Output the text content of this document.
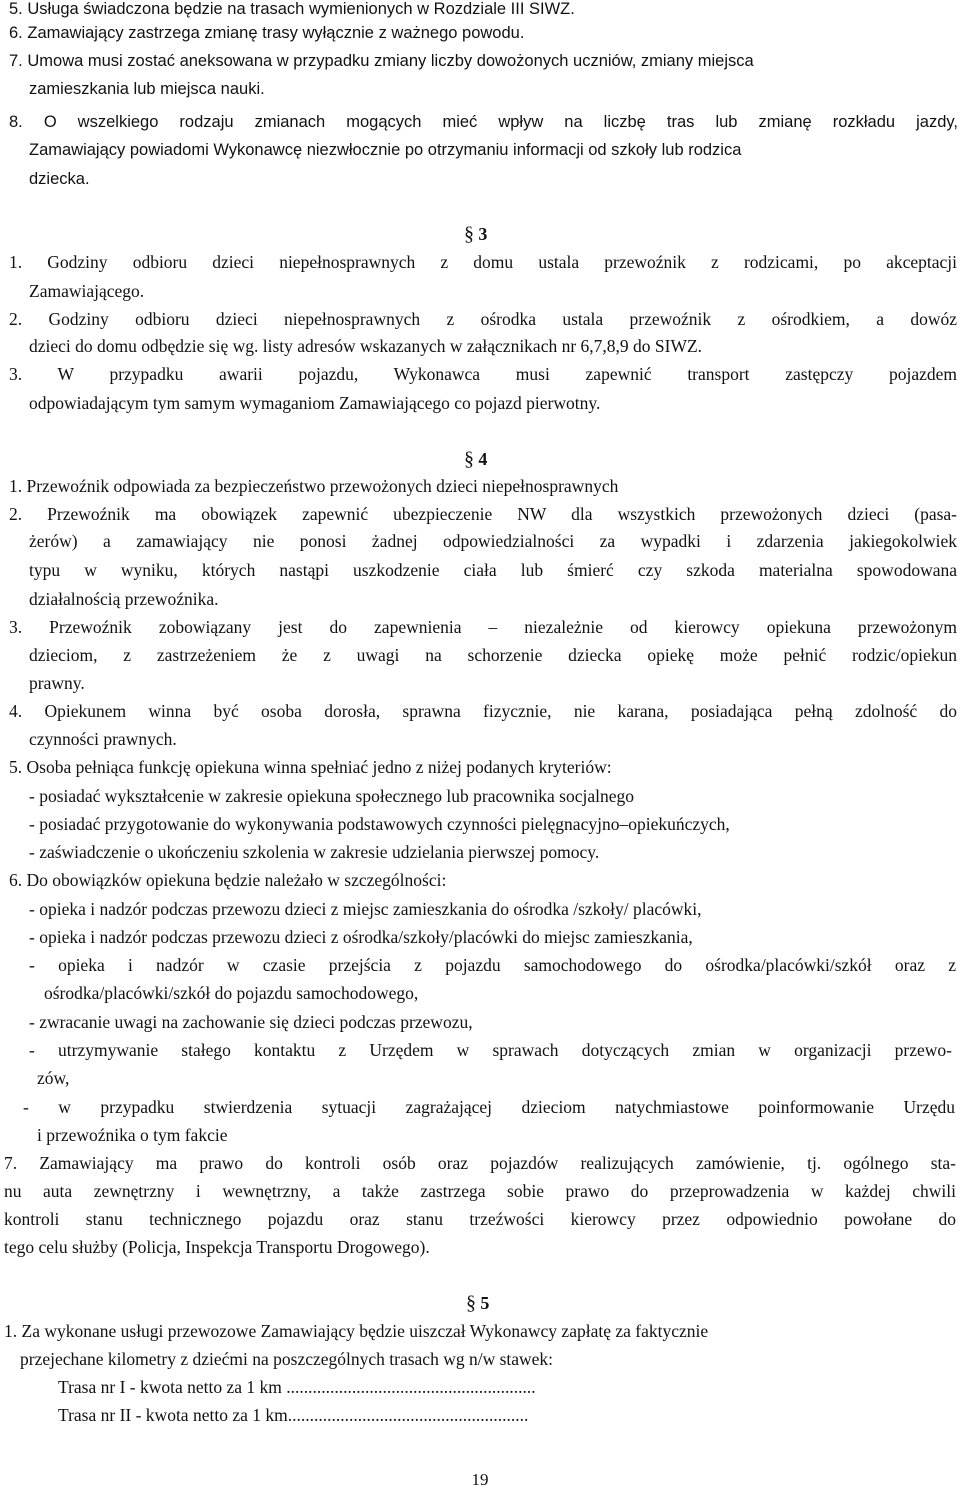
5. Usługa świadczona będzie na trasach wymienionych w Rozdziale III SIWZ.
6. Zamawiający zastrzega zmianę trasy wyłącznie z ważnego powodu.
7. Umowa musi zostać aneksowana w przypadku zmiany liczby dowożonych uczniów, zmiany miejsca
zamieszkania lub miejsca nauki.
8. O wszelkiego rodzaju zmianach mogących mieć wpływ na liczbę tras lub zmianę rozkładu jazdy,
Zamawiający powiadomi Wykonawcę niezwłocznie po otrzymaniu informacji od szkoły lub rodzica
dziecka.
§ 3
1. Godziny odbioru dzieci niepełnosprawnych z domu ustala przewoźnik z rodzicami, po akceptacji
Zamawiającego.
2. Godziny odbioru dzieci niepełnosprawnych z ośrodka ustala przewoźnik z ośrodkiem, a dowóz
dzieci do domu odbędzie się wg. listy adresów wskazanych w załącznikach nr 6,7,8,9 do SIWZ.
3. W przypadku awarii pojazdu, Wykonawca musi zapewnić transport zastępczy pojazdem
odpowiadającym tym samym wymaganiom Zamawiającego co pojazd pierwotny.
§ 4
1. Przewoźnik odpowiada za bezpieczeństwo przewożonych dzieci niepełnosprawnych
2. Przewoźnik ma obowiązek zapewnić ubezpieczenie NW dla wszystkich przewożonych dzieci (pasa-
żerów) a zamawiający nie ponosi żadnej odpowiedzialności za wypadki i zdarzenia jakiegokolwiek
typu w wyniku, których nastąpi uszkodzenie ciała lub śmierć czy szkoda materialna spowodowana
działalnością przewoźnika.
3. Przewoźnik zobowiązany jest do zapewnienia – niezależnie od kierowcy opiekuna przewożonym
dzieciom, z zastrzeżeniem że z uwagi na schorzenie dziecka opiekę może pełnić rodzic/opiekun
prawny.
4. Opiekunem winna być osoba dorosła, sprawna fizycznie, nie karana, posiadająca pełną zdolność do
czynności prawnych.
5. Osoba pełniąca funkcję opiekuna winna spełniać jedno z niżej podanych kryteriów:
- posiadać wykształcenie w zakresie opiekuna społecznego lub pracownika socjalnego
- posiadać przygotowanie do wykonywania podstawowych czynności pielęgnacyjno–opiekuńczych,
- zaświadczenie o ukończeniu szkolenia w zakresie udzielania pierwszej pomocy.
6. Do obowiązków opiekuna będzie należało w szczególności:
- opieka i nadzór podczas przewozu dzieci z miejsc zamieszkania do ośrodka /szkoły/ placówki,
- opieka i nadzór podczas przewozu dzieci z ośrodka/szkoły/placówki do miejsc zamieszkania,
- opieka i nadzór w czasie przejścia z pojazdu samochodowego do ośrodka/placówki/szkół oraz z
ośrodka/placówki/szkół do pojazdu samochodowego,
- zwracanie uwagi na zachowanie się dzieci podczas przewozu,
- utrzymywanie stałego kontaktu z Urzędem w sprawach dotyczących zmian w organizacji przewo-
zów,
- w przypadku stwierdzenia sytuacji zagrażającej dzieciom natychmiastowe poinformowanie Urzędu
i przewoźnika o tym fakcie
7. Zamawiający ma prawo do kontroli osób oraz pojazdów realizujących zamówienie, tj. ogólnego sta-
nu auta zewnętrzny i wewnętrzny, a także zastrzega sobie prawo do przeprowadzenia w każdej chwili
kontroli stanu technicznego pojazdu oraz stanu trzeźwości kierowcy przez odpowiednio powołane do
tego celu służby (Policja, Inspekcja Transportu Drogowego).
§ 5
1. Za wykonane usługi przewozowe Zamawiający będzie uiszczał Wykonawcy zapłatę za faktycznie
przejechane kilometry z dziećmi na poszczególnych trasach wg n/w stawek:
Trasa nr I - kwota netto za 1 km .........................................................
Trasa nr II - kwota netto za 1 km.......................................................
19
